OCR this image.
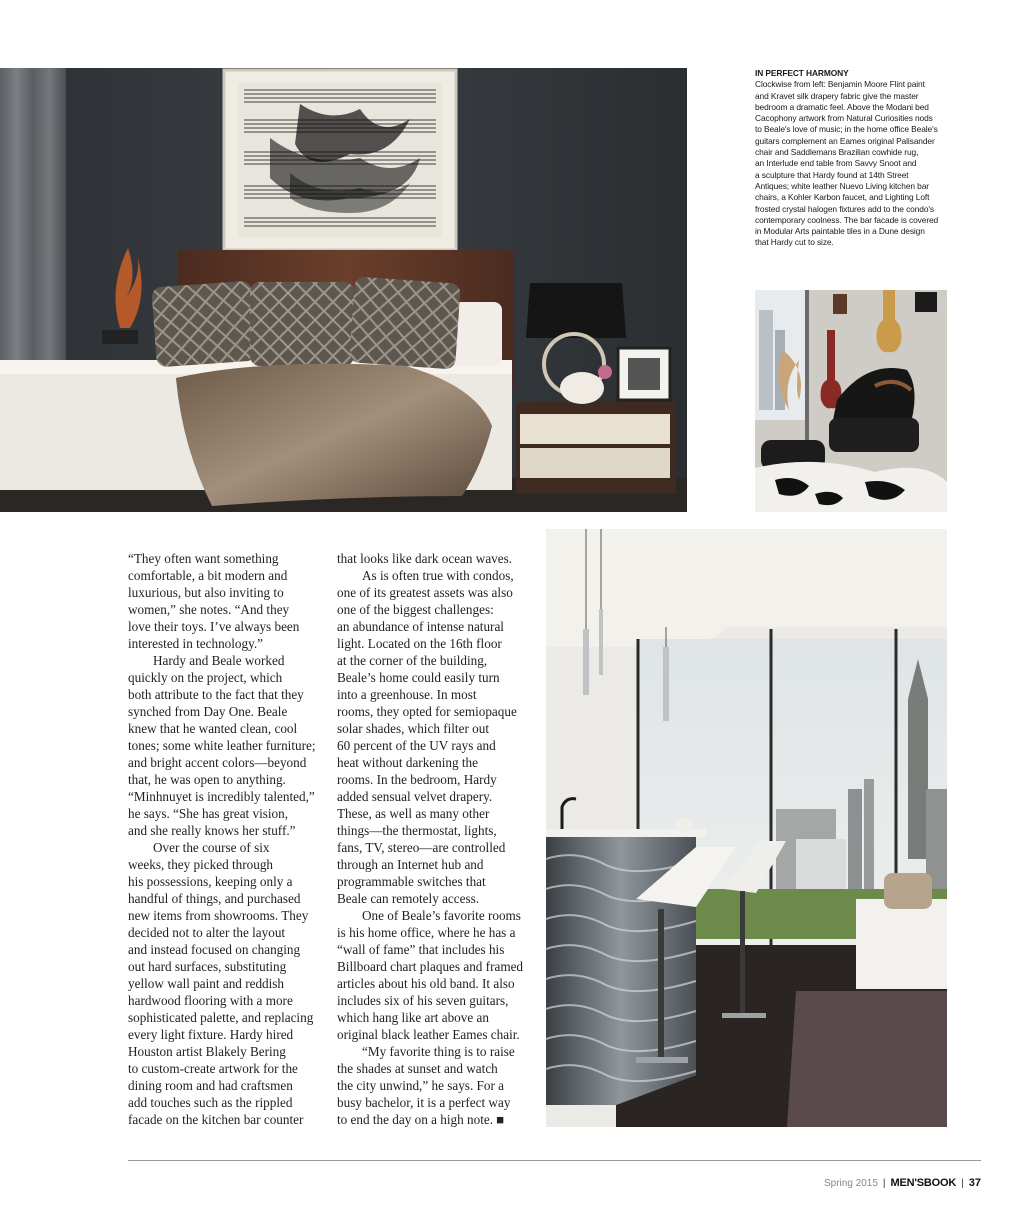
IN PERFECT HARMONY
Clockwise from left: Benjamin Moore Flint paint
and Kravet silk drapery fabric give the master
bedroom a dramatic feel. Above the Modani bed
Cacophony artwork from Natural Curiosities nods
to Beale's love of music; in the home office Beale's
guitars complement an Eames original Palisander
chair and Saddlemans Brazilian cowhide rug,
an Interlude end table from Savvy Snoot and
a sculpture that Hardy found at 14th Street
Antiques; white leather Nuevo Living kitchen bar
chairs, a Kohler Karbon faucet, and Lighting Loft
frosted crystal halogen fixtures add to the condo's
contemporary coolness. The bar facade is covered
in Modular Arts paintable tiles in a Dune design
that Hardy cut to size.
“They often want something
comfortable, a bit modern and
luxurious, but also inviting to
women,” she notes. “And they
love their toys. I’ve always been
interested in technology.”
Hardy and Beale worked
quickly on the project, which
both attribute to the fact that they
synched from Day One. Beale
knew that he wanted clean, cool
tones; some white leather furniture;
and bright accent colors—beyond
that, he was open to anything.
“Minhnuyet is incredibly talented,”
he says. “She has great vision,
and she really knows her stuff.”
Over the course of six
weeks, they picked through
his possessions, keeping only a
handful of things, and purchased
new items from showrooms. They
decided not to alter the layout
and instead focused on changing
out hard surfaces, substituting
yellow wall paint and reddish
hardwood flooring with a more
sophisticated palette, and replacing
every light fixture. Hardy hired
Houston artist Blakely Bering
to custom-create artwork for the
dining room and had craftsmen
add touches such as the rippled
facade on the kitchen bar counter
that looks like dark ocean waves.
As is often true with condos,
one of its greatest assets was also
one of the biggest challenges:
an abundance of intense natural
light. Located on the 16th floor
at the corner of the building,
Beale’s home could easily turn
into a greenhouse. In most
rooms, they opted for semiopaque
solar shades, which filter out
60 percent of the UV rays and
heat without darkening the
rooms. In the bedroom, Hardy
added sensual velvet drapery.
These, as well as many other
things—the thermostat, lights,
fans, TV, stereo—are controlled
through an Internet hub and
programmable switches that
Beale can remotely access.
One of Beale’s favorite rooms
is his home office, where he has a
“wall of fame” that includes his
Billboard chart plaques and framed
articles about his old band. It also
includes six of his seven guitars,
which hang like art above an
original black leather Eames chair.
“My favorite thing is to raise
the shades at sunset and watch
the city unwind,” he says. For a
busy bachelor, it is a perfect way
to end the day on a high note. ■
Spring 2015 | MEN'SBOOK | 37
